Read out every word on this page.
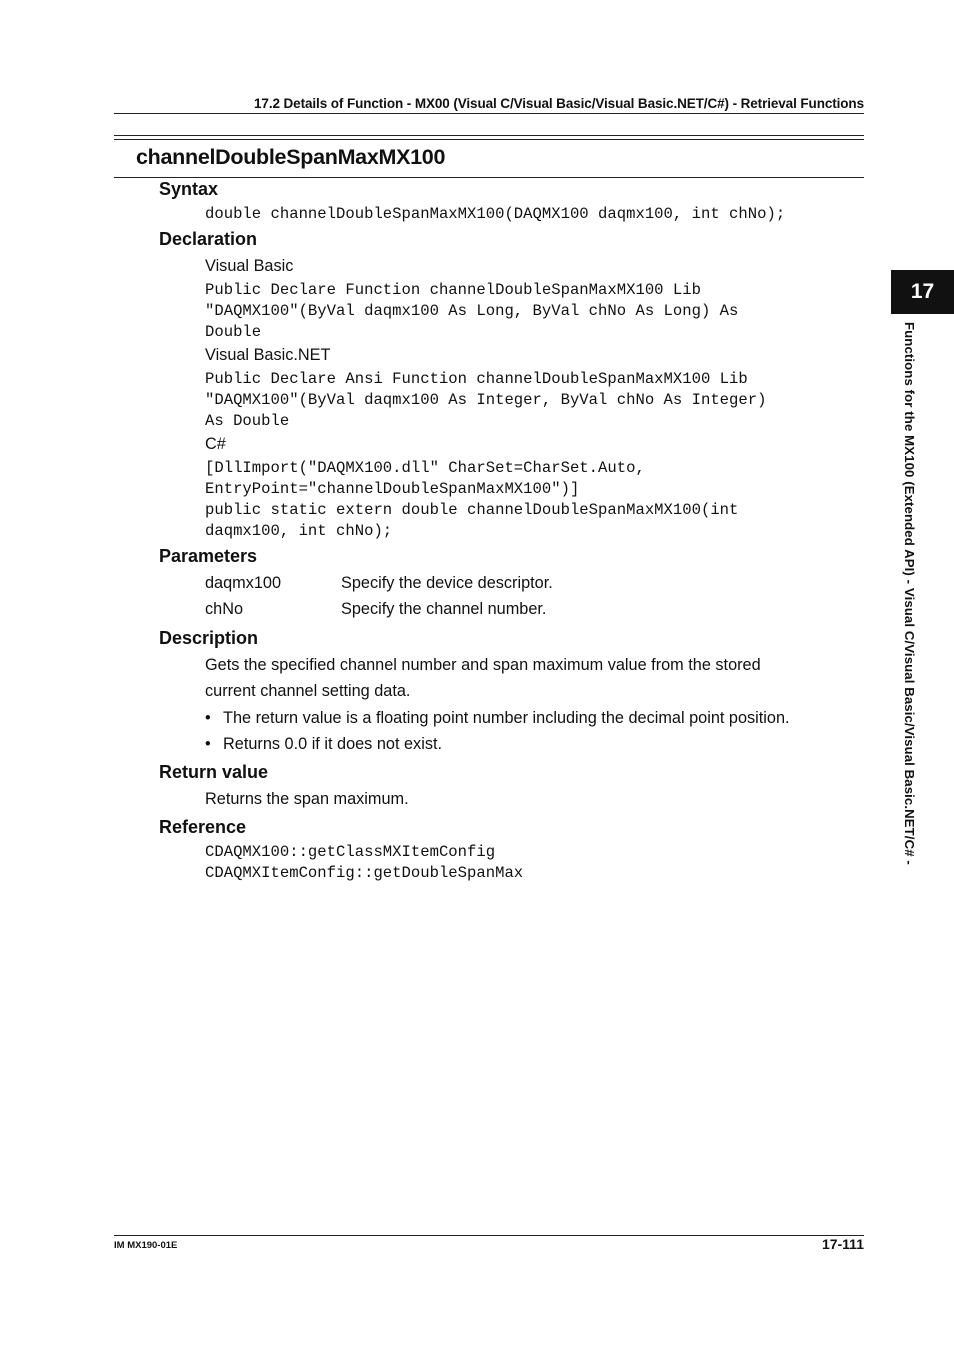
17.2 Details of Function - MX00 (Visual C/Visual Basic/Visual Basic.NET/C#) - Retrieval Functions
channelDoubleSpanMaxMX100
Syntax
double channelDoubleSpanMaxMX100(DAQMX100 daqmx100, int chNo);
Declaration
Visual Basic
Public Declare Function channelDoubleSpanMaxMX100 Lib
"DAQMX100"(ByVal daqmx100 As Long, ByVal chNo As Long) As
Double
Visual Basic.NET
Public Declare Ansi Function channelDoubleSpanMaxMX100 Lib
"DAQMX100"(ByVal daqmx100 As Integer, ByVal chNo As Integer)
As Double
C#
[DllImport("DAQMX100.dll" CharSet=CharSet.Auto,
EntryPoint="channelDoubleSpanMaxMX100")]
public static extern double channelDoubleSpanMaxMX100(int
daqmx100, int chNo);
Parameters
daqmx100	Specify the device descriptor.
chNo	Specify the channel number.
Description
Gets the specified channel number and span maximum value from the stored
current channel setting data.
• The return value is a floating point number including the decimal point position.
• Returns 0.0 if it does not exist.
Return value
Returns the span maximum.
Reference
CDAQMX100::getClassMXItemConfig
CDAQMXItemConfig::getDoubleSpanMax
17
Functions for the MX100 (Extended API) - Visual C/Visual Basic/Visual Basic.NET/C# -
IM MX190-01E	17-111
